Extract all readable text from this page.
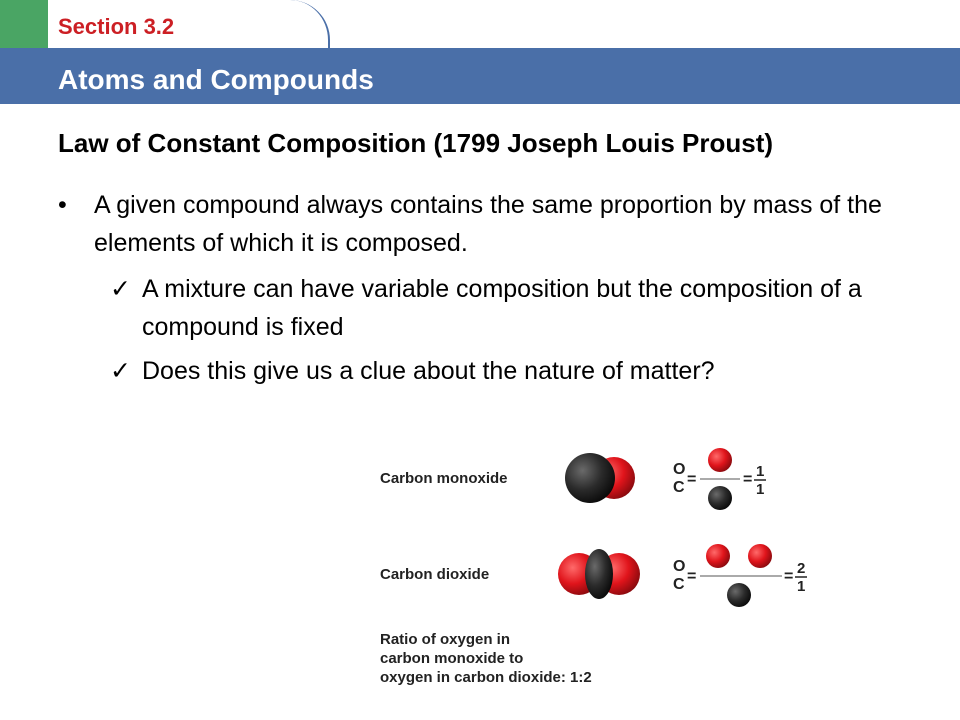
Section 3.2
Atoms and Compounds
Law of Constant Composition (1799 Joseph Louis Proust)
• A given compound always contains the same proportion by mass of the elements of which it is composed.
✓ A mixture can have variable composition but the composition of a compound is fixed
✓ Does this give us a clue about the nature of matter?
Carbon monoxide
Carbon dioxide
O
C =	= 1
1
O
C =	= 2
1
Ratio of oxygen in
carbon monoxide to
oxygen in carbon dioxide: 1:2
